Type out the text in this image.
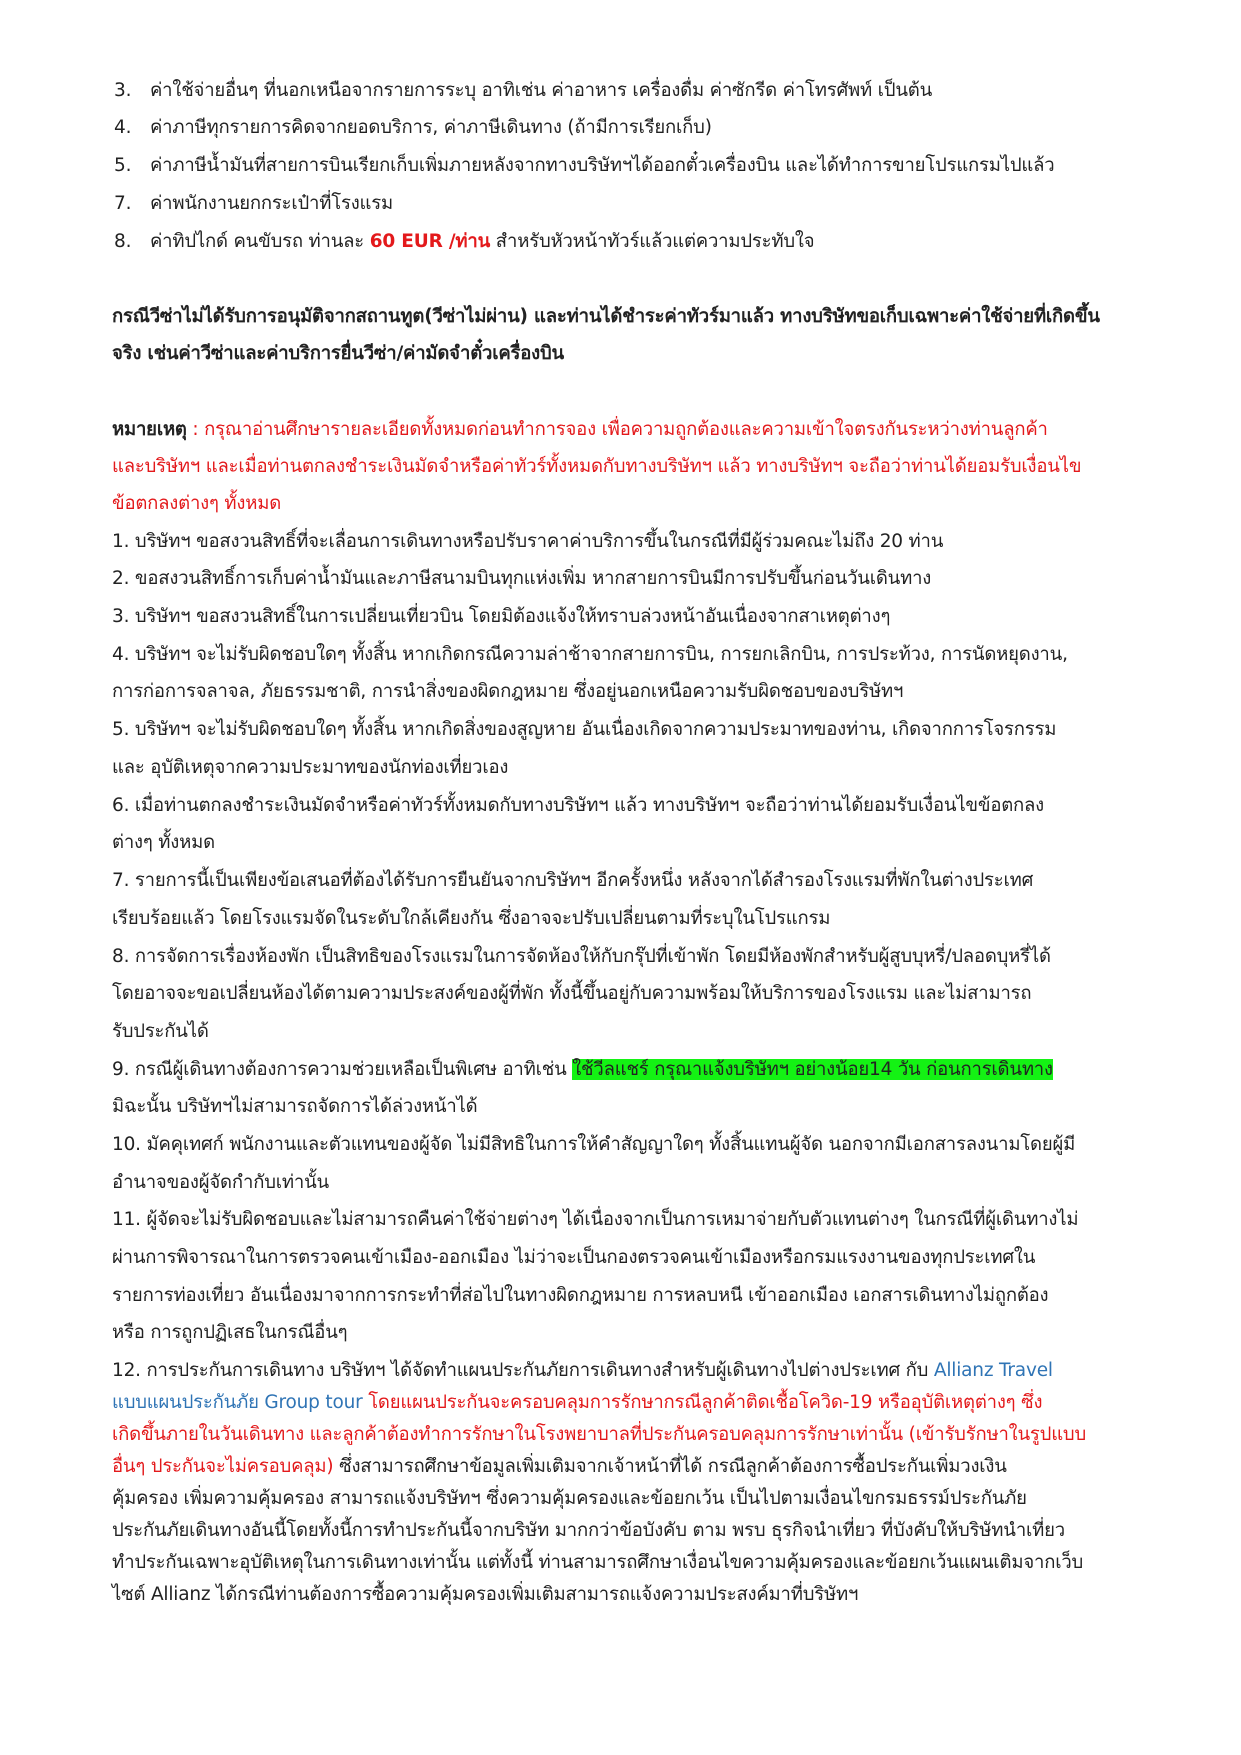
3. ค่าใช้จ่ายอื่นๆ ที่นอกเหนือจากรายการระบุ อาทิเช่น ค่าอาหาร เครื่องดื่ม ค่าซักรีด ค่าโทรศัพท์ เป็นต้น
4. ค่าภาษีทุกรายการคิดจากยอดบริการ, ค่าภาษีเดินทาง (ถ้ามีการเรียกเก็บ)
5. ค่าภาษีน้ำมันที่สายการบินเรียกเก็บเพิ่มภายหลังจากทางบริษัทฯได้ออกตั๋วเครื่องบิน และได้ทำการขายโปรแกรมไปแล้ว
7. ค่าพนักงานยกกระเป๋าที่โรงแรม
8. ค่าทิปไกด์ คนขับรถ ท่านละ 60 EUR /ท่าน สำหรับหัวหน้าทัวร์แล้วแต่ความประทับใจ
กรณีวีซ่าไม่ได้รับการอนุมัติจากสถานทูต(วีซ่าไม่ผ่าน) และท่านได้ชำระค่าทัวร์มาแล้ว ทางบริษัทขอเก็บเฉพาะค่าใช้จ่ายที่เกิดขึ้น
จริง เช่นค่าวีซ่าและค่าบริการยื่นวีซ่า/ค่ามัดจำตั๋วเครื่องบิน
หมายเหตุ : กรุณาอ่านศึกษารายละเอียดทั้งหมดก่อนทำการจอง เพื่อความถูกต้องและความเข้าใจตรงกันระหว่างท่านลูกค้า
และบริษัทฯ และเมื่อท่านตกลงชำระเงินมัดจำหรือค่าทัวร์ทั้งหมดกับทางบริษัทฯ แล้ว ทางบริษัทฯ จะถือว่าท่านได้ยอมรับเงื่อนไข
ข้อตกลงต่างๆ ทั้งหมด
1. บริษัทฯ ขอสงวนสิทธิ์ที่จะเลื่อนการเดินทางหรือปรับราคาค่าบริการขึ้นในกรณีที่มีผู้ร่วมคณะไม่ถึง 20 ท่าน
2. ขอสงวนสิทธิ์การเก็บค่าน้ำมันและภาษีสนามบินทุกแห่งเพิ่ม หากสายการบินมีการปรับขึ้นก่อนวันเดินทาง
3. บริษัทฯ ขอสงวนสิทธิ์ในการเปลี่ยนเที่ยวบิน โดยมิต้องแจ้งให้ทราบล่วงหน้าอันเนื่องจากสาเหตุต่างๆ
4. บริษัทฯ จะไม่รับผิดชอบใดๆ ทั้งสิ้น หากเกิดกรณีความล่าช้าจากสายการบิน, การยกเลิกบิน, การประท้วง, การนัดหยุดงาน,
การก่อการจลาจล, ภัยธรรมชาติ, การนำสิ่งของผิดกฎหมาย ซึ่งอยู่นอกเหนือความรับผิดชอบของบริษัทฯ
5. บริษัทฯ จะไม่รับผิดชอบใดๆ ทั้งสิ้น หากเกิดสิ่งของสูญหาย อันเนื่องเกิดจากความประมาทของท่าน, เกิดจากการโจรกรรม
และ อุบัติเหตุจากความประมาทของนักท่องเที่ยวเอง
6. เมื่อท่านตกลงชำระเงินมัดจำหรือค่าทัวร์ทั้งหมดกับทางบริษัทฯ แล้ว ทางบริษัทฯ จะถือว่าท่านได้ยอมรับเงื่อนไขข้อตกลง
ต่างๆ ทั้งหมด
7. รายการนี้เป็นเพียงข้อเสนอที่ต้องได้รับการยืนยันจากบริษัทฯ อีกครั้งหนึ่ง หลังจากได้สำรองโรงแรมที่พักในต่างประเทศ
เรียบร้อยแล้ว โดยโรงแรมจัดในระดับใกล้เคียงกัน ซึ่งอาจจะปรับเปลี่ยนตามที่ระบุในโปรแกรม
8. การจัดการเรื่องห้องพัก เป็นสิทธิของโรงแรมในการจัดห้องให้กับกรุ๊ปที่เข้าพัก โดยมีห้องพักสำหรับผู้สูบบุหรี่/ปลอดบุหรี่ได้
โดยอาจจะขอเปลี่ยนห้องได้ตามความประสงค์ของผู้ที่พัก ทั้งนี้ขึ้นอยู่กับความพร้อมให้บริการของโรงแรม และไม่สามารถ
รับประกันได้
9. กรณีผู้เดินทางต้องการความช่วยเหลือเป็นพิเศษ อาทิเช่น ใช้วีลแชร์ กรุณาแจ้งบริษัทฯ อย่างน้อย14 วัน ก่อนการเดินทาง
มิฉะนั้น บริษัทฯไม่สามารถจัดการได้ล่วงหน้าได้
10. มัคคุเทศก์ พนักงานและตัวแทนของผู้จัด ไม่มีสิทธิในการให้คำสัญญาใดๆ ทั้งสิ้นแทนผู้จัด นอกจากมีเอกสารลงนามโดยผู้มี
อำนาจของผู้จัดกำกับเท่านั้น
11. ผู้จัดจะไม่รับผิดชอบและไม่สามารถคืนค่าใช้จ่ายต่างๆ ได้เนื่องจากเป็นการเหมาจ่ายกับตัวแทนต่างๆ ในกรณีที่ผู้เดินทางไม่
ผ่านการพิจารณาในการตรวจคนเข้าเมือง-ออกเมือง ไม่ว่าจะเป็นกองตรวจคนเข้าเมืองหรือกรมแรงงานของทุกประเทศใน
รายการท่องเที่ยว อันเนื่องมาจากการกระทำที่ส่อไปในทางผิดกฎหมาย การหลบหนี เข้าออกเมือง เอกสารเดินทางไม่ถูกต้อง
หรือ การถูกปฏิเสธในกรณีอื่นๆ
12. การประกันการเดินทาง บริษัทฯ ได้จัดทำแผนประกันภัยการเดินทางสำหรับผู้เดินทางไปต่างประเทศ กับ Allianz Travel
แบบแผนประกันภัย Group tour โดยแผนประกันจะครอบคลุมการรักษากรณีลูกค้าติดเชื้อโควิด-19 หรืออุบัติเหตุต่างๆ ซึ่ง
เกิดขึ้นภายในวันเดินทาง และลูกค้าต้องทำการรักษาในโรงพยาบาลที่ประกันครอบคลุมการรักษาเท่านั้น (เข้ารับรักษาในรูปแบบ
อื่นๆ ประกันจะไม่ครอบคลุม) ซึ่งสามารถศึกษาข้อมูลเพิ่มเติมจากเจ้าหน้าที่ได้ กรณีลูกค้าต้องการซื้อประกันเพิ่มวงเงิน
คุ้มครอง เพิ่มความคุ้มครอง สามารถแจ้งบริษัทฯ ซึ่งความคุ้มครองและข้อยกเว้น เป็นไปตามเงื่อนไขกรมธรรม์ประกันภัย
ประกันภัยเดินทางอันนี้โดยทั้งนี้การทำประกันนี้จากบริษัท มากกว่าข้อบังคับ ตาม พรบ ธุรกิจนำเที่ยว ที่บังคับให้บริษัทนำเที่ยว
ทำประกันเฉพาะอุบัติเหตุในการเดินทางเท่านั้น แต่ทั้งนี้ ท่านสามารถศึกษาเงื่อนไขความคุ้มครองและข้อยกเว้นแผนเติมจากเว็บ
ไซต์ Allianz ได้กรณีท่านต้องการซื้อความคุ้มครองเพิ่มเติมสามารถแจ้งความประสงค์มาที่บริษัทฯ
